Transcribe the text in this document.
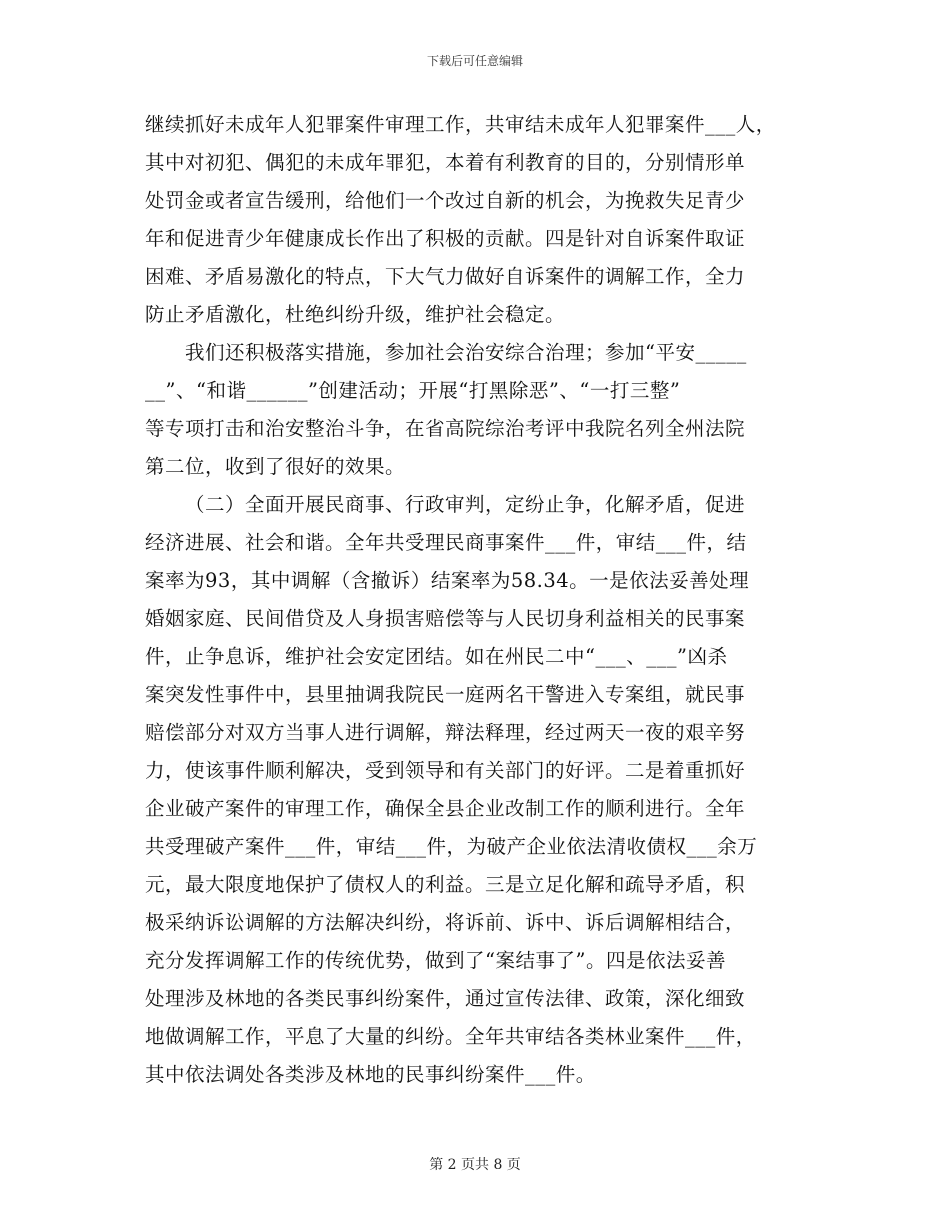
下载后可任意编辑
继续抓好未成年人犯罪案件审理工作，共审结未成年人犯罪案件___人，
其中对初犯、偶犯的未成年罪犯，本着有利教育的目的，分别情形单
处罚金或者宣告缓刑，给他们一个改过自新的机会，为挽救失足青少
年和促进青少年健康成长作出了积极的贡献。四是针对自诉案件取证
困难、矛盾易激化的特点，下大气力做好自诉案件的调解工作，全力
防止矛盾激化，杜绝纠纷升级，维护社会稳定。
我们还积极落实措施，参加社会治安综合治理；参加“平安_____
__”、“和谐______”创建活动；开展“打黑除恶”、“一打三整”
等专项打击和治安整治斗争，在省高院综治考评中我院名列全州法院
第二位，收到了很好的效果。
（二）全面开展民商事、行政审判，定纷止争，化解矛盾，促进
经济进展、社会和谐。全年共受理民商事案件___件，审结___件，结
案率为93，其中调解（含撤诉）结案率为58.34。一是依法妥善处理
婚姻家庭、民间借贷及人身损害赔偿等与人民切身利益相关的民事案
件，止争息诉，维护社会安定团结。如在州民二中“___、___”凶杀
案突发性事件中，县里抽调我院民一庭两名干警进入专案组，就民事
赔偿部分对双方当事人进行调解，辩法释理，经过两天一夜的艰辛努
力，使该事件顺利解决，受到领导和有关部门的好评。二是着重抓好
企业破产案件的审理工作，确保全县企业改制工作的顺利进行。全年
共受理破产案件___件，审结___件，为破产企业依法清收债权___余万
元，最大限度地保护了债权人的利益。三是立足化解和疏导矛盾，积
极采纳诉讼调解的方法解决纠纷，将诉前、诉中、诉后调解相结合，
充分发挥调解工作的传统优势，做到了“案结事了”。四是依法妥善
处理涉及林地的各类民事纠纷案件，通过宣传法律、政策，深化细致
地做调解工作，平息了大量的纠纷。全年共审结各类林业案件___件，
其中依法调处各类涉及林地的民事纠纷案件___件。
第 2 页共 8 页
